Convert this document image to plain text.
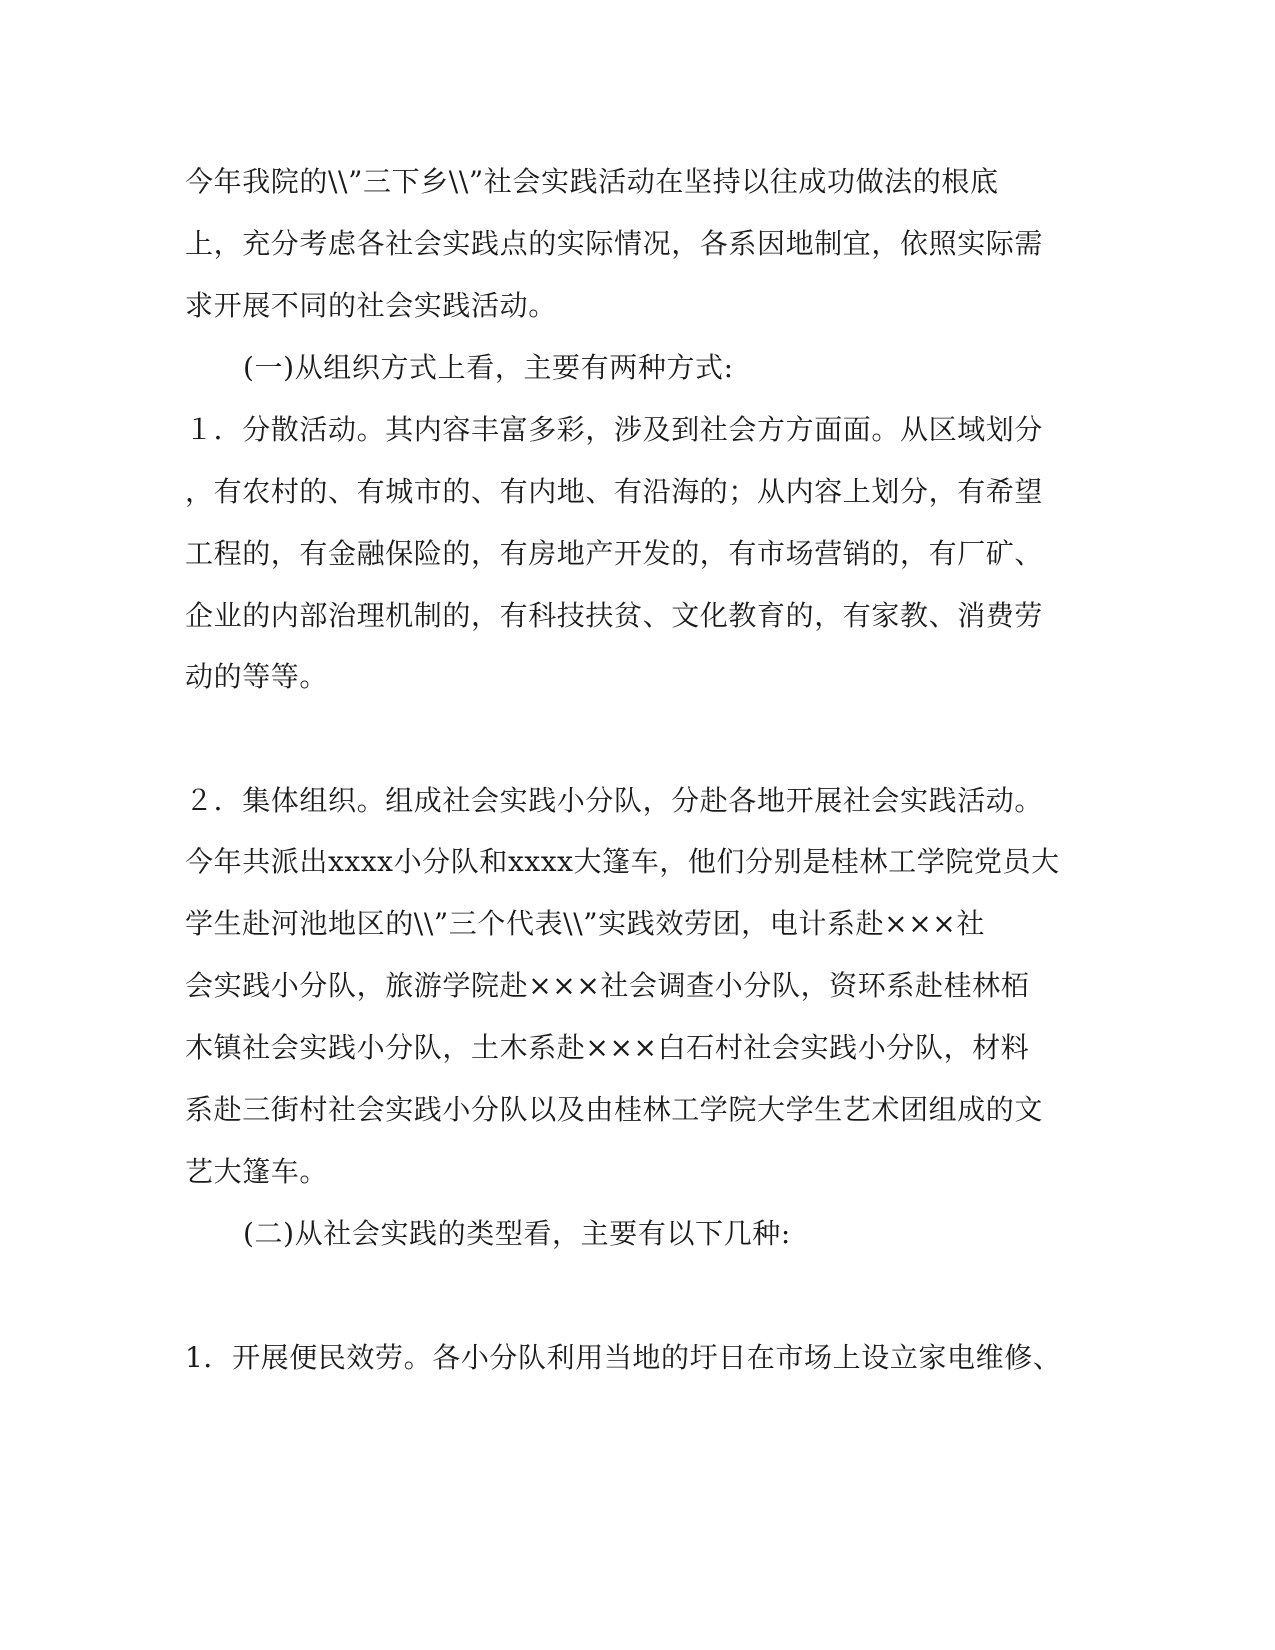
今年我院的\\”三下乡\\”社会实践活动在坚持以往成功做法的根底
上，充分考虑各社会实践点的实际情况，各系因地制宜，依照实际需
求开展不同的社会实践活动。
(一)从组织方式上看，主要有两种方式:
１．分散活动。其内容丰富多彩，涉及到社会方方面面。从区域划分
，有农村的、有城市的、有内地、有沿海的；从内容上划分，有希望
工程的，有金融保险的，有房地产开发的，有市场营销的，有厂矿、
企业的内部治理机制的，有科技扶贫、文化教育的，有家教、消费劳
动的等等。
２．集体组织。组成社会实践小分队，分赴各地开展社会实践活动。
今年共派出xxxx小分队和xxxx大篷车，他们分别是桂林工学院党员大
学生赴河池地区的\\”三个代表\\”实践效劳团，电计系赴×××社
会实践小分队，旅游学院赴×××社会调查小分队，资环系赴桂林栢
木镇社会实践小分队，土木系赴×××白石村社会实践小分队，材料
系赴三街村社会实践小分队以及由桂林工学院大学生艺术团组成的文
艺大篷车。
(二)从社会实践的类型看，主要有以下几种:
1．开展便民效劳。各小分队利用当地的圩日在市场上设立家电维修、
